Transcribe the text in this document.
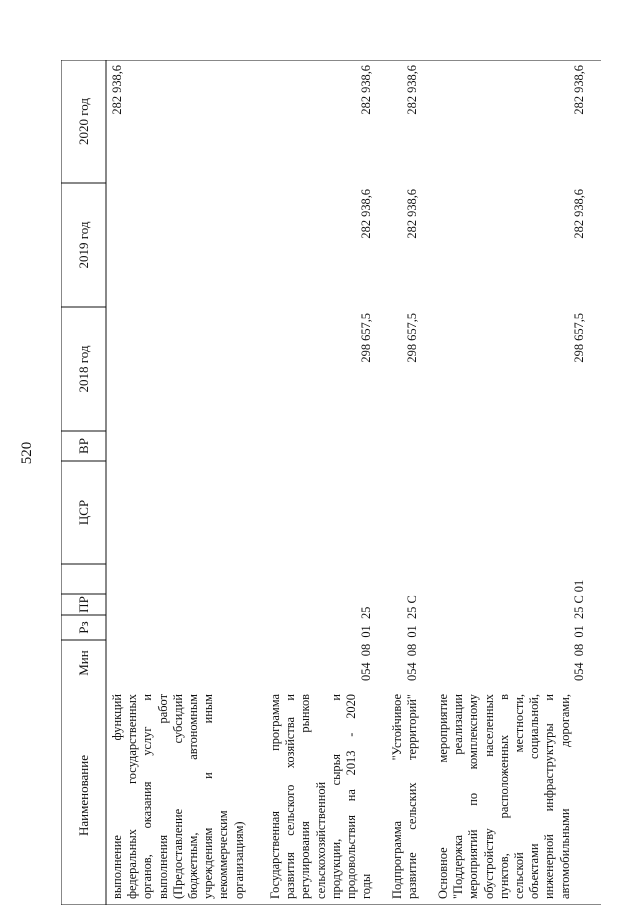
520
Наименование
Мин
Рз
ПР
ЦСР
ВР
2018 год
2019 год
2020 год
выполнение функций
федеральных государственных
органов, оказания услуг и
выполнения работ
(Предоставление субсидий
бюджетным, автономным
учреждениям и иным
некоммерческим
организациям)
282 938,6
Государственная программа
развития сельского хозяйства и
регулирования рынков
сельскохозяйственной
продукции, сырья и
продовольствия на 2013 - 2020
годы
054  08  01  25
298 657,5
282 938,6
282 938,6
Подпрограмма "Устойчивое
развитие сельских территорий"
054  08  01  25 С
298 657,5
282 938,6
282 938,6
Основное мероприятие
"Поддержка реализации
мероприятий по комплексному
обустройству населенных
пунктов, расположенных в
сельской местности,
объектами социальной,
инженерной инфраструктуры и
автомобильными дорогами,
054  08  01  25 С 01
298 657,5
282 938,6
282 938,6
